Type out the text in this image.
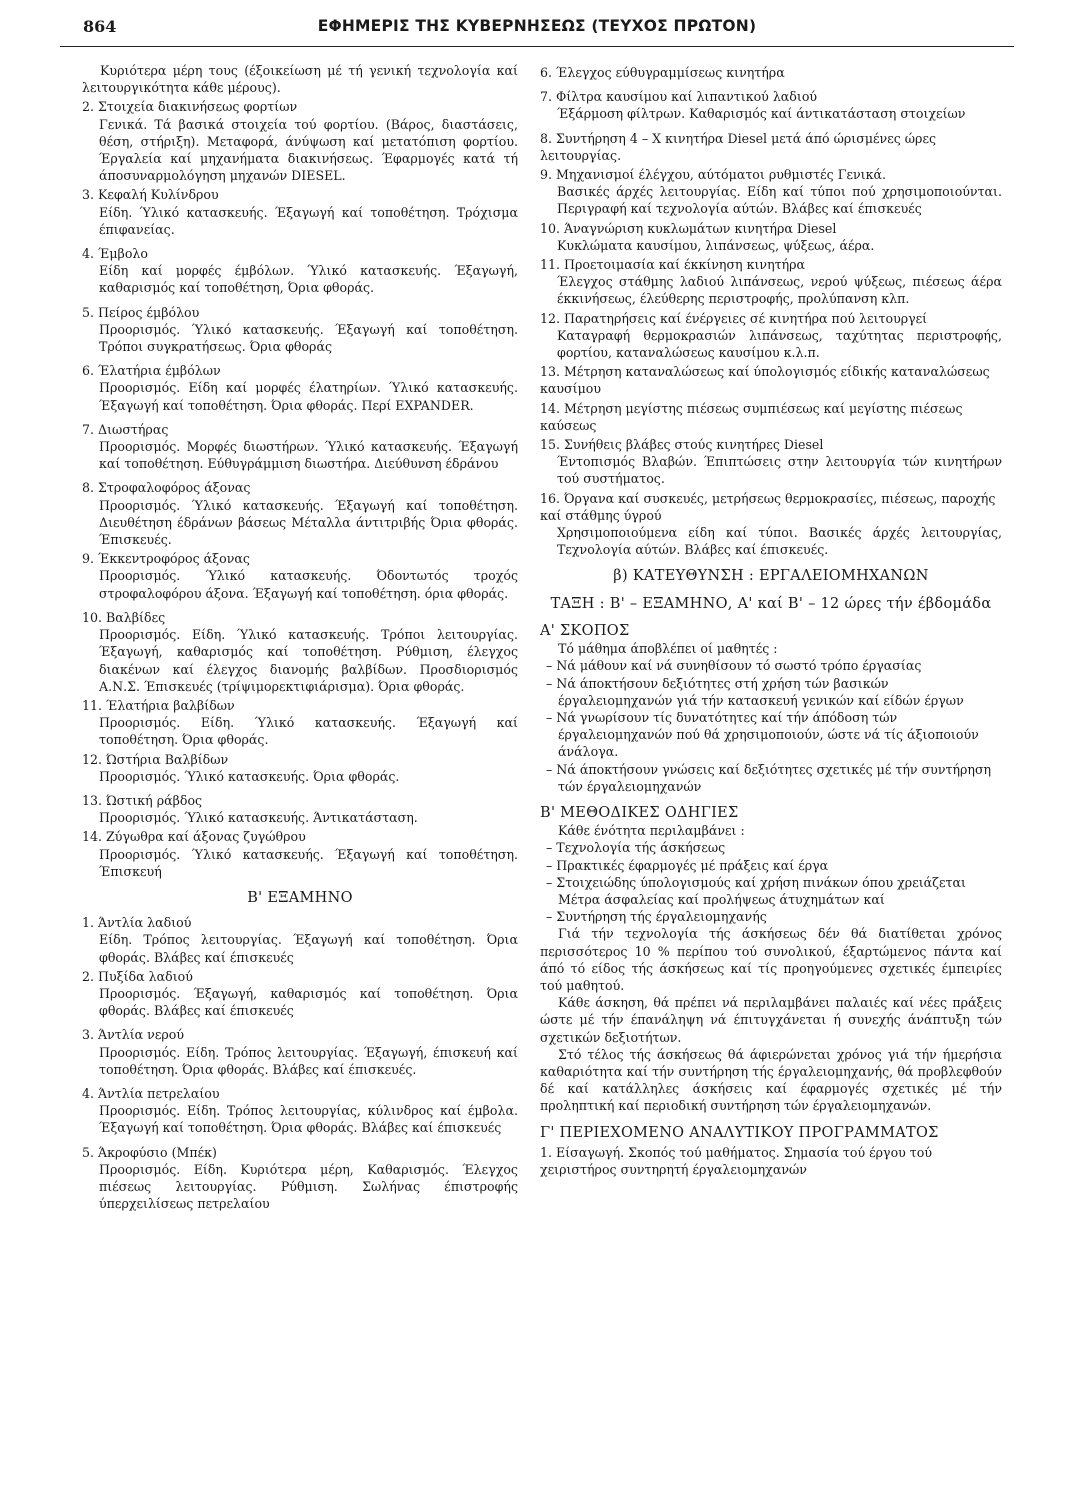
864	ΕΦΗΜΕΡΙΣ ΤΗΣ ΚΥΒΕΡΝΗΣΕΩΣ (ΤΕΥΧΟΣ ΠΡΩΤΟΝ)
Κυριότερα μέρη τους (έξοικείωση μέ τή γενική τεχνολογία καί λειτουργικότητα κάθε μέρους).
2. Στοιχεία διακινήσεως φορτίων
Γενικά. Τά βασικά στοιχεία τού φορτίου. (Βάρος, διαστάσεις, θέση, στήριξη). Μεταφορά, άνύψωση καί μετατόπιση φορτίου. Έργαλεία καί μηχανήματα διακινήσεως. Έφαρμογές κατά τή άποσυναρμολόγηση μηχανών DIESEL.
3. Κεφαλή Κυλίνδρου
Είδη. Ύλικό κατασκευής. Έξαγωγή καί τοποθέτηση. Τρόχισμα έπιφανείας.
4. Έμβολο
Είδη καί μορφές έμβόλων. Ύλικό κατασκευής. Έξαγωγή, καθαρισμός καί τοποθέτηση, Όρια φθοράς.
5. Πείρος έμβόλου
Προορισμός. Ύλικό κατασκευής. Έξαγωγή καί τοποθέτηση. Τρόποι συγκρατήσεως. Όρια φθοράς
6. Έλατήρια έμβόλων
Προορισμός. Είδη καί μορφές έλατηρίων. Ύλικό κατασκευής. Έξαγωγή καί τοποθέτηση. Όρια φθοράς. Περί EXPANDER.
7. Διωστήρας
Προορισμός. Μορφές διωστήρων. Ύλικό κατασκευής. Έξαγωγή καί τοποθέτηση. Εύθυγράμμιση διωστήρα. Διεύθυνση έδράνου
8. Στροφαλοφόρος άξονας
Προορισμός. Ύλικό κατασκευής. Έξαγωγή καί τοποθέτηση. Διευθέτηση έδράνων βάσεως Μέταλλα άντιτριβής Όρια φθοράς. Έπισκευές.
9. Έκκεντροφόρος άξονας
Προορισμός. Ύλικό κατασκευής. Όδοντωτός τροχός στροφαλοφόρου άξονα. Έξαγωγή καί τοποθέτηση. όρια φθοράς.
10. Βαλβίδες
Προορισμός. Είδη. Ύλικό κατασκευής. Τρόποι λειτουργίας. Έξαγωγή, καθαρισμός καί τοποθέτηση. Ρύθμιση, έλεγχος διακένων καί έλεγχος διανομής βαλβίδων. Προσδιορισμός Α.Ν.Σ. Έπισκευές (τρίψιμορεκτιφιάρισμα). Όρια φθοράς.
11. Έλατήρια βαλβίδων
Προορισμός. Είδη. Ύλικό κατασκευής. Έξαγωγή καί τοποθέτηση. Όρια φθοράς.
12. Ώστήρια Βαλβίδων
Προορισμός. Ύλικό κατασκευής. Όρια φθοράς.
13. Ώστική ράβδος
Προορισμός. Ύλικό κατασκευής. Άντικατάσταση.
14. Ζύγωθρα καί άξονας ζυγώθρου
Προορισμός. Ύλικό κατασκευής. Έξαγωγή καί τοποθέτηση. Έπισκευή
Β' ΕΞΑΜΗΝΟ
1. Άντλία λαδιού
Είδη. Τρόπος λειτουργίας. Έξαγωγή καί τοποθέτηση. Όρια φθοράς. Βλάβες καί έπισκευές
2. Πυξίδα λαδιού
Προορισμός. Έξαγωγή, καθαρισμός καί τοποθέτηση. Όρια φθοράς. Βλάβες καί έπισκευές
3. Άντλία νερού
Προορισμός. Είδη. Τρόπος λειτουργίας. Έξαγωγή, έπισκευή καί τοποθέτηση. Όρια φθοράς. Βλάβες καί έπισκευές.
4. Άντλία πετρελαίου
Προορισμός. Είδη. Τρόπος λειτουργίας, κύλινδρος καί έμβολα. Έξαγωγή καί τοποθέτηση. Όρια φθοράς. Βλάβες καί έπισκευές
5. Άκροφύσιο (Μπέκ)
Προορισμός. Είδη. Κυριότερα μέρη, Καθαρισμός. Έλεγχος πιέσεως λειτουργίας. Ρύθμιση. Σωλήνας έπιστροφής ύπερχειλίσεως πετρελαίου
6. Έλεγχος εύθυγραμμίσεως κινητήρα
7. Φίλτρα καυσίμου καί λιπαντικού λαδιού
Έξάρμοση φίλτρων. Καθαρισμός καί άντικατάσταση στοιχείων
8. Συντήρηση 4 – Χ κινητήρα Diesel μετά άπό ώρισμένες ώρες λειτουργίας.
9. Μηχανισμοί έλέγχου, αύτόματοι ρυθμιστές Γενικά.
Βασικές άρχές λειτουργίας. Είδη καί τύποι πού χρησιμοποιούνται. Περιγραφή καί τεχνολογία αύτών. Βλάβες καί έπισκευές
10. Άναγνώριση κυκλωμάτων κινητήρα Diesel
Κυκλώματα καυσίμου, λιπάνσεως, ψύξεως, άέρα.
11. Προετοιμασία καί έκκίνηση κινητήρα
Έλεγχος στάθμης λαδιού λιπάνσεως, νερού ψύξεως, πιέσεως άέρα έκκινήσεως, έλεύθερης περιστροφής, προλύπανση κλπ.
12. Παρατηρήσεις καί ένέργειες σέ κινητήρα πού λειτουργεί
Καταγραφή θερμοκρασιών λιπάνσεως, ταχύτητας περιστροφής, φορτίου, καταναλώσεως καυσίμου κ.λ.π.
13. Μέτρηση καταναλώσεως καί ύπολογισμός είδικής καταναλώσεως καυσίμου
14. Μέτρηση μεγίστης πιέσεως συμπιέσεως καί μεγίστης πιέσεως καύσεως
15. Συνήθεις βλάβες στούς κινητήρες Diesel
Έντοπισμός Βλαβών. Έπιπτώσεις στην λειτουργία τών κινητήρων τού συστήματος.
16. Όργανα καί συσκευές, μετρήσεως θερμοκρασίες, πιέσεως, παροχής καί στάθμης ύγρού
Χρησιμοποιούμενα είδη καί τύποι. Βασικές άρχές λειτουργίας, Τεχνολογία αύτών. Βλάβες καί έπισκευές.
β) ΚΑΤΕΥΘΥΝΣΗ : ΕΡΓΑΛΕΙΟΜΗΧΑΝΩΝ
ΤΑΞΗ : Β' – ΕΞΑΜΗΝΟ, Α' καί Β' – 12 ώρες τήν έβδομάδα
Α' ΣΚΟΠΟΣ
Τό μάθημα άποβλέπει οί μαθητές :
– Νά μάθουν καί νά συνηθίσουν τό σωστό τρόπο έργασίας
– Νά άποκτήσουν δεξιότητες στή χρήση τών βασικών έργαλειομηχανών γιά τήν κατασκευή γενικών καί είδών έργων
– Νά γνωρίσουν τίς δυνατότητες καί τήν άπόδοση τών έργαλειομηχανών πού θά χρησιμοποιούν, ώστε νά τίς άξιοποιούν άνάλογα.
– Νά άποκτήσουν γνώσεις καί δεξιότητες σχετικές μέ τήν συντήρηση τών έργαλειομηχανών
Β' ΜΕΘΟΔΙΚΕΣ ΟΔΗΓΙΕΣ
Κάθε ένότητα περιλαμβάνει :
– Τεχνολογία τής άσκήσεως
– Πρακτικές έφαρμογές μέ πράξεις καί έργα
– Στοιχειώδης ύπολογισμούς καί χρήση πινάκων όπου χρειάζεται
Μέτρα άσφαλείας καί προλήψεως άτυχημάτων καί
– Συντήρηση τής έργαλειομηχανής
Γιά τήν τεχνολογία τής άσκήσεως δέν θά διατίθεται χρόνος περισσότερος 10 % περίπου τού συνολικού, έξαρτώμενος πάντα καί άπό τό είδος τής άσκήσεως καί τίς προηγούμενες σχετικές έμπειρίες τού μαθητού.
Κάθε άσκηση, θά πρέπει νά περιλαμβάνει παλαιές καί νέες πράξεις ώστε μέ τήν έπανάληψη νά έπιτυγχάνεται ή συνεχής άνάπτυξη τών σχετικών δεξιοτήτων.
Στό τέλος τής άσκήσεως θά άφιερώνεται χρόνος γιά τήν ήμερήσια καθαριότητα καί τήν συντήρηση τής έργαλειομηχανής, θά προβλεφθούν δέ καί κατάλληλες άσκήσεις καί έφαρμογές σχετικές μέ τήν προληπτική καί περιοδική συντήρηση τών έργαλειομηχανών.
Γ' ΠΕΡΙΕΧΟΜΕΝΟ ΑΝΑΛΥΤΙΚΟΥ ΠΡΟΓΡΑΜΜΑΤΟΣ
1. Είσαγωγή. Σκοπός τού μαθήματος. Σημασία τού έργου τού χειριστήρος συντηρητή έργαλειομηχανών
